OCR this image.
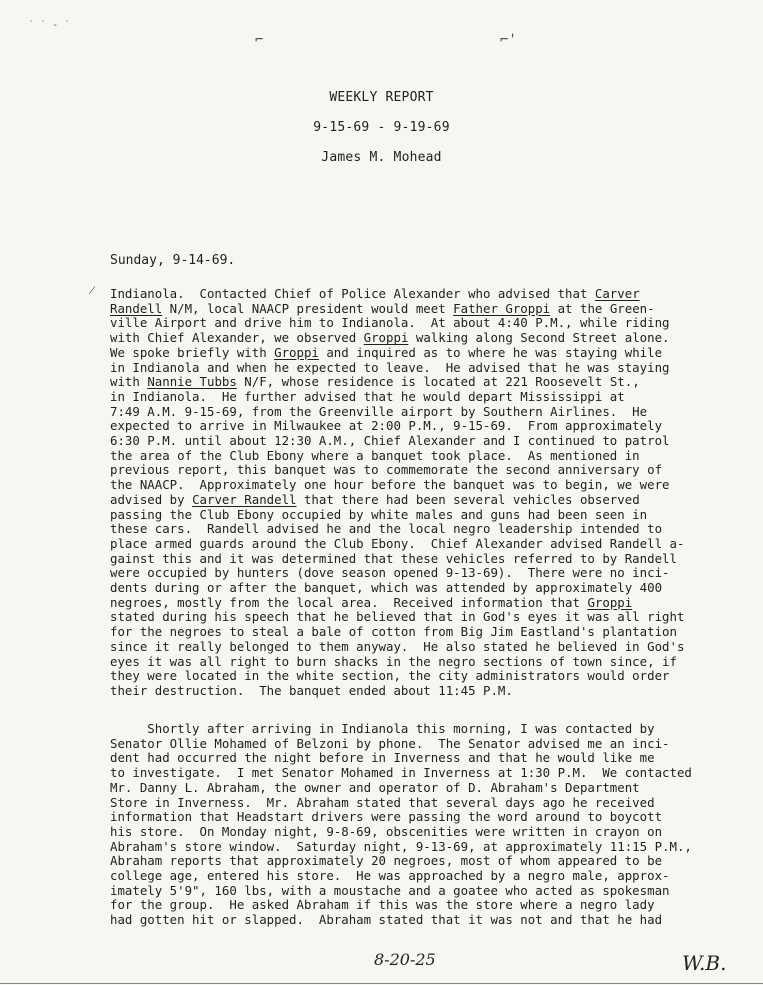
˙ ˙ ‑ ˙
⌐	⌐'
WEEKLY REPORT
9-15-69 - 9-19-69
James M. Mohead
Sunday, 9-14-69.
⁄ Indianola.  Contacted Chief of Police Alexander who advised that Carver
Randell N/M, local NAACP president would meet Father Groppi at the Green-
ville Airport and drive him to Indianola.  At about 4:40 P.M., while riding
with Chief Alexander, we observed Groppi walking along Second Street alone.
We spoke briefly with Groppi and inquired as to where he was staying while
in Indianola and when he expected to leave.  He advised that he was staying
with Nannie Tubbs N/F, whose residence is located at 221 Roosevelt St.,
in Indianola.  He further advised that he would depart Mississippi at
7:49 A.M. 9-15-69, from the Greenville airport by Southern Airlines.  He
expected to arrive in Milwaukee at 2:00 P.M., 9-15-69.  From approximately
6:30 P.M. until about 12:30 A.M., Chief Alexander and I continued to patrol
the area of the Club Ebony where a banquet took place.  As mentioned in
previous report, this banquet was to commemorate the second anniversary of
the NAACP.  Approximately one hour before the banquet was to begin, we were
advised by Carver Randell that there had been several vehicles observed
passing the Club Ebony occupied by white males and guns had been seen in
these cars.  Randell advised he and the local negro leadership intended to
place armed guards around the Club Ebony.  Chief Alexander advised Randell a-
gainst this and it was determined that these vehicles referred to by Randell
were occupied by hunters (dove season opened 9-13-69).  There were no inci-
dents during or after the banquet, which was attended by approximately 400
negroes, mostly from the local area.  Received information that Groppi
stated during his speech that he believed that in God's eyes it was all right
for the negroes to steal a bale of cotton from Big Jim Eastland's plantation
since it really belonged to them anyway.  He also stated he believed in God's
eyes it was all right to burn shacks in the negro sections of town since, if
they were located in the white section, the city administrators would order
their destruction.  The banquet ended about 11:45 P.M.
Shortly after arriving in Indianola this morning, I was contacted by
Senator Ollie Mohamed of Belzoni by phone.  The Senator advised me an inci-
dent had occurred the night before in Inverness and that he would like me
to investigate.  I met Senator Mohamed in Inverness at 1:30 P.M.  We contacted
Mr. Danny L. Abraham, the owner and operator of D. Abraham's Department
Store in Inverness.  Mr. Abraham stated that several days ago he received
information that Headstart drivers were passing the word around to boycott
his store.  On Monday night, 9-8-69, obscenities were written in crayon on
Abraham's store window.  Saturday night, 9-13-69, at approximately 11:15 P.M.,
Abraham reports that approximately 20 negroes, most of whom appeared to be
college age, entered his store.  He was approached by a negro male, approx-
imately 5'9", 160 lbs, with a moustache and a goatee who acted as spokesman
for the group.  He asked Abraham if this was the store where a negro lady
had gotten hit or slapped.  Abraham stated that it was not and that he had
8-20-25	W.B.
